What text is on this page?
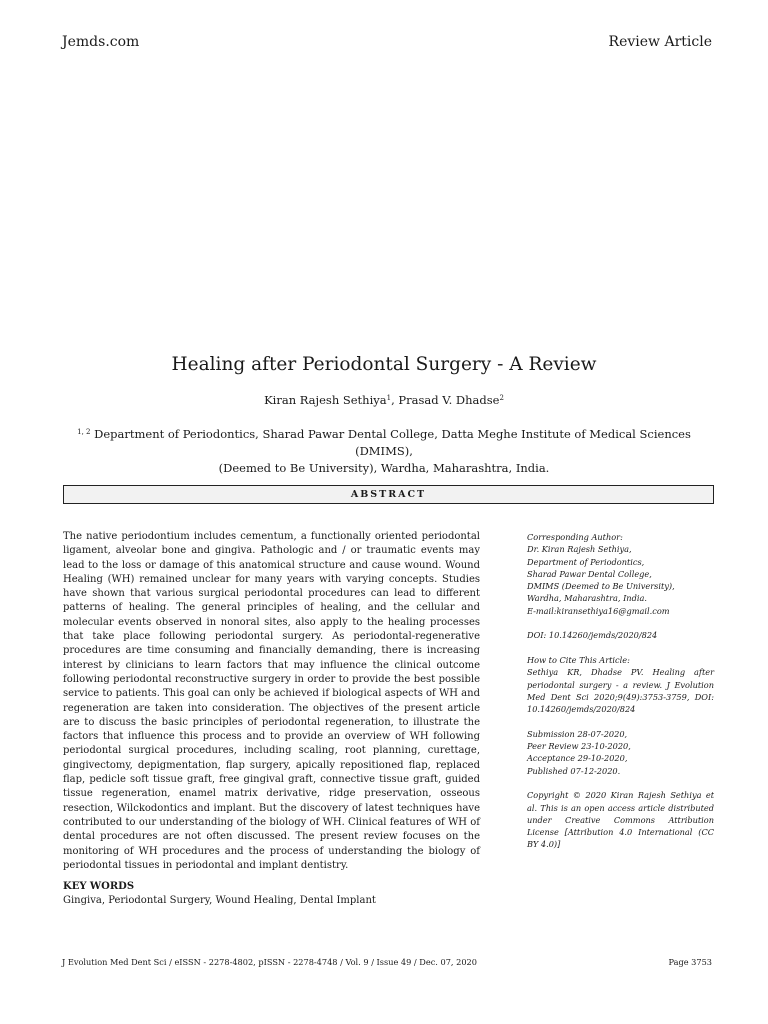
Jemds.com	Review Article
Healing after Periodontal Surgery - A Review
Kiran Rajesh Sethiya$^1$, Prasad V. Dhadse$^2$
$^{1, 2}$ Department of Periodontics, Sharad Pawar Dental College, Datta Meghe Institute of Medical Sciences (DMIMS),
(Deemed to Be University), Wardha, Maharashtra, India.
ABSTRACT

The native periodontium includes cementum, a functionally oriented periodontal ligament, alveolar bone and gingiva. Pathologic and / or traumatic events may lead to the loss or damage of this anatomical structure and cause wound. Wound Healing (WH) remained unclear for many years with varying concepts. Studies have shown that various surgical periodontal procedures can lead to different patterns of healing. The general principles of healing, and the cellular and molecular events observed in nonoral sites, also apply to the healing processes that take place following periodontal surgery. As periodontal-regenerative procedures are time consuming and financially demanding, there is increasing interest by clinicians to learn factors that may influence the clinical outcome following periodontal reconstructive surgery in order to provide the best possible service to patients. This goal can only be achieved if biological aspects of WH and regeneration are taken into consideration. The objectives of the present article are to discuss the basic principles of periodontal regeneration, to illustrate the factors that influence this process and to provide an overview of WH following periodontal surgical procedures, including scaling, root planning, curettage, gingivectomy, depigmentation, flap surgery, apically repositioned flap, replaced flap, pedicle soft tissue graft, free gingival graft, connective tissue graft, guided tissue regeneration, enamel matrix derivative, ridge preservation, osseous resection, Wilckodontics and implant. But the discovery of latest techniques have contributed to our understanding of the biology of WH. Clinical features of WH of dental procedures are not often discussed. The present review focuses on the monitoring of WH procedures and the process of understanding the biology of periodontal tissues in periodontal and implant dentistry.

KEY WORDS
Gingiva, Periodontal Surgery, Wound Healing, Dental Implant

Corresponding Author:
Dr. Kiran Rajesh Sethiya,
Department of Periodontics,
Sharad Pawar Dental College,
DMIMS (Deemed to Be University),
Wardha, Maharashtra, India.
E-mail:kiransethiya16@gmail.com

DOI: 10.14260/jemds/2020/824

How to Cite This Article:
Sethiya KR, Dhadse PV. Healing after periodontal surgery - a review. J Evolution Med Dent Sci 2020;9(49):3753-3759, DOI: 10.14260/jemds/2020/824

Submission 28-07-2020,
Peer Review 23-10-2020,
Acceptance 29-10-2020,
Published 07-12-2020.

Copyright © 2020 Kiran Rajesh Sethiya et al. This is an open access article distributed under Creative Commons Attribution License [Attribution 4.0 International (CC BY 4.0)]

J Evolution Med Dent Sci / eISSN - 2278-4802, pISSN - 2278-4748 / Vol. 9 / Issue 49 / Dec. 07, 2020	Page 3753
